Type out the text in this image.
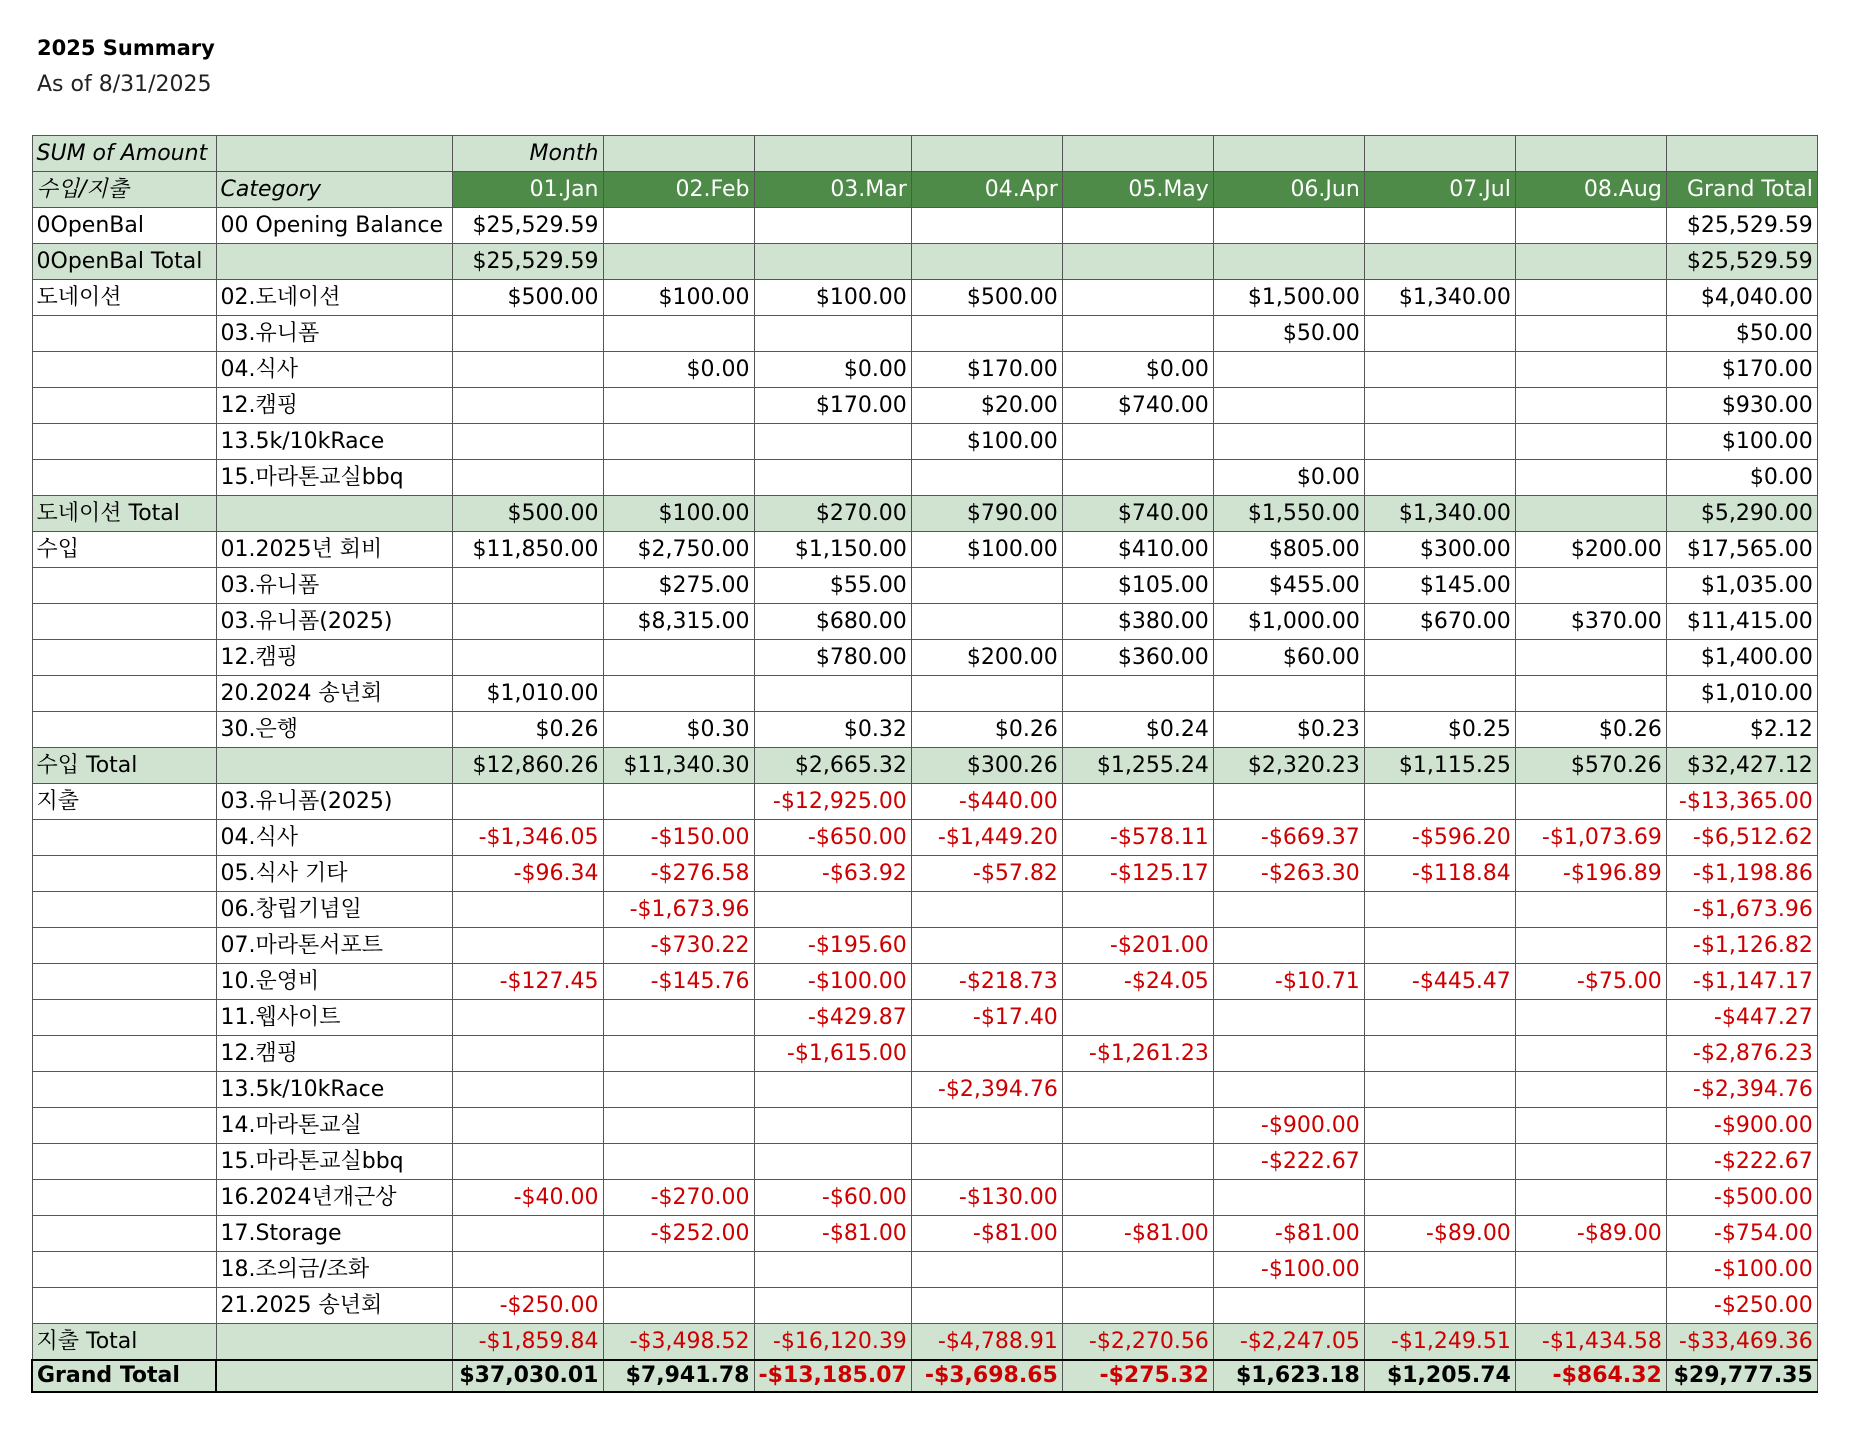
2025 Summary
As of 8/31/2025
SUM of Amount		Month								
수입/지출	Category	01.Jan	02.Feb	03.Mar	04.Apr	05.May	06.Jun	07.Jul	08.Aug	Grand Total
0OpenBal	00 Opening Balance	$25,529.59								$25,529.59
0OpenBal Total		$25,529.59								$25,529.59
도네이션	02.도네이션	$500.00	$100.00	$100.00	$500.00		$1,500.00	$1,340.00		$4,040.00
	03.유니폼						$50.00			$50.00
	04.식사		$0.00	$0.00	$170.00	$0.00				$170.00
	12.캠핑			$170.00	$20.00	$740.00				$930.00
	13.5k/10kRace				$100.00					$100.00
	15.마라톤교실bbq						$0.00			$0.00
도네이션 Total		$500.00	$100.00	$270.00	$790.00	$740.00	$1,550.00	$1,340.00		$5,290.00
수입	01.2025년 회비	$11,850.00	$2,750.00	$1,150.00	$100.00	$410.00	$805.00	$300.00	$200.00	$17,565.00
	03.유니폼		$275.00	$55.00		$105.00	$455.00	$145.00		$1,035.00
	03.유니폼(2025)		$8,315.00	$680.00		$380.00	$1,000.00	$670.00	$370.00	$11,415.00
	12.캠핑			$780.00	$200.00	$360.00	$60.00			$1,400.00
	20.2024 송년회	$1,010.00								$1,010.00
	30.은행	$0.26	$0.30	$0.32	$0.26	$0.24	$0.23	$0.25	$0.26	$2.12
수입 Total		$12,860.26	$11,340.30	$2,665.32	$300.26	$1,255.24	$2,320.23	$1,115.25	$570.26	$32,427.12
지출	03.유니폼(2025)			-$12,925.00	-$440.00					-$13,365.00
	04.식사	-$1,346.05	-$150.00	-$650.00	-$1,449.20	-$578.11	-$669.37	-$596.20	-$1,073.69	-$6,512.62
	05.식사 기타	-$96.34	-$276.58	-$63.92	-$57.82	-$125.17	-$263.30	-$118.84	-$196.89	-$1,198.86
	06.창립기념일		-$1,673.96							-$1,673.96
	07.마라톤서포트		-$730.22	-$195.60		-$201.00				-$1,126.82
	10.운영비	-$127.45	-$145.76	-$100.00	-$218.73	-$24.05	-$10.71	-$445.47	-$75.00	-$1,147.17
	11.웹사이트			-$429.87	-$17.40					-$447.27
	12.캠핑			-$1,615.00		-$1,261.23				-$2,876.23
	13.5k/10kRace				-$2,394.76					-$2,394.76
	14.마라톤교실						-$900.00			-$900.00
	15.마라톤교실bbq						-$222.67			-$222.67
	16.2024년개근상	-$40.00	-$270.00	-$60.00	-$130.00					-$500.00
	17.Storage		-$252.00	-$81.00	-$81.00	-$81.00	-$81.00	-$89.00	-$89.00	-$754.00
	18.조의금/조화						-$100.00			-$100.00
	21.2025 송년회	-$250.00								-$250.00
지출 Total		-$1,859.84	-$3,498.52	-$16,120.39	-$4,788.91	-$2,270.56	-$2,247.05	-$1,249.51	-$1,434.58	-$33,469.36
Grand Total		$37,030.01	$7,941.78	-$13,185.07	-$3,698.65	-$275.32	$1,623.18	$1,205.74	-$864.32	$29,777.35
